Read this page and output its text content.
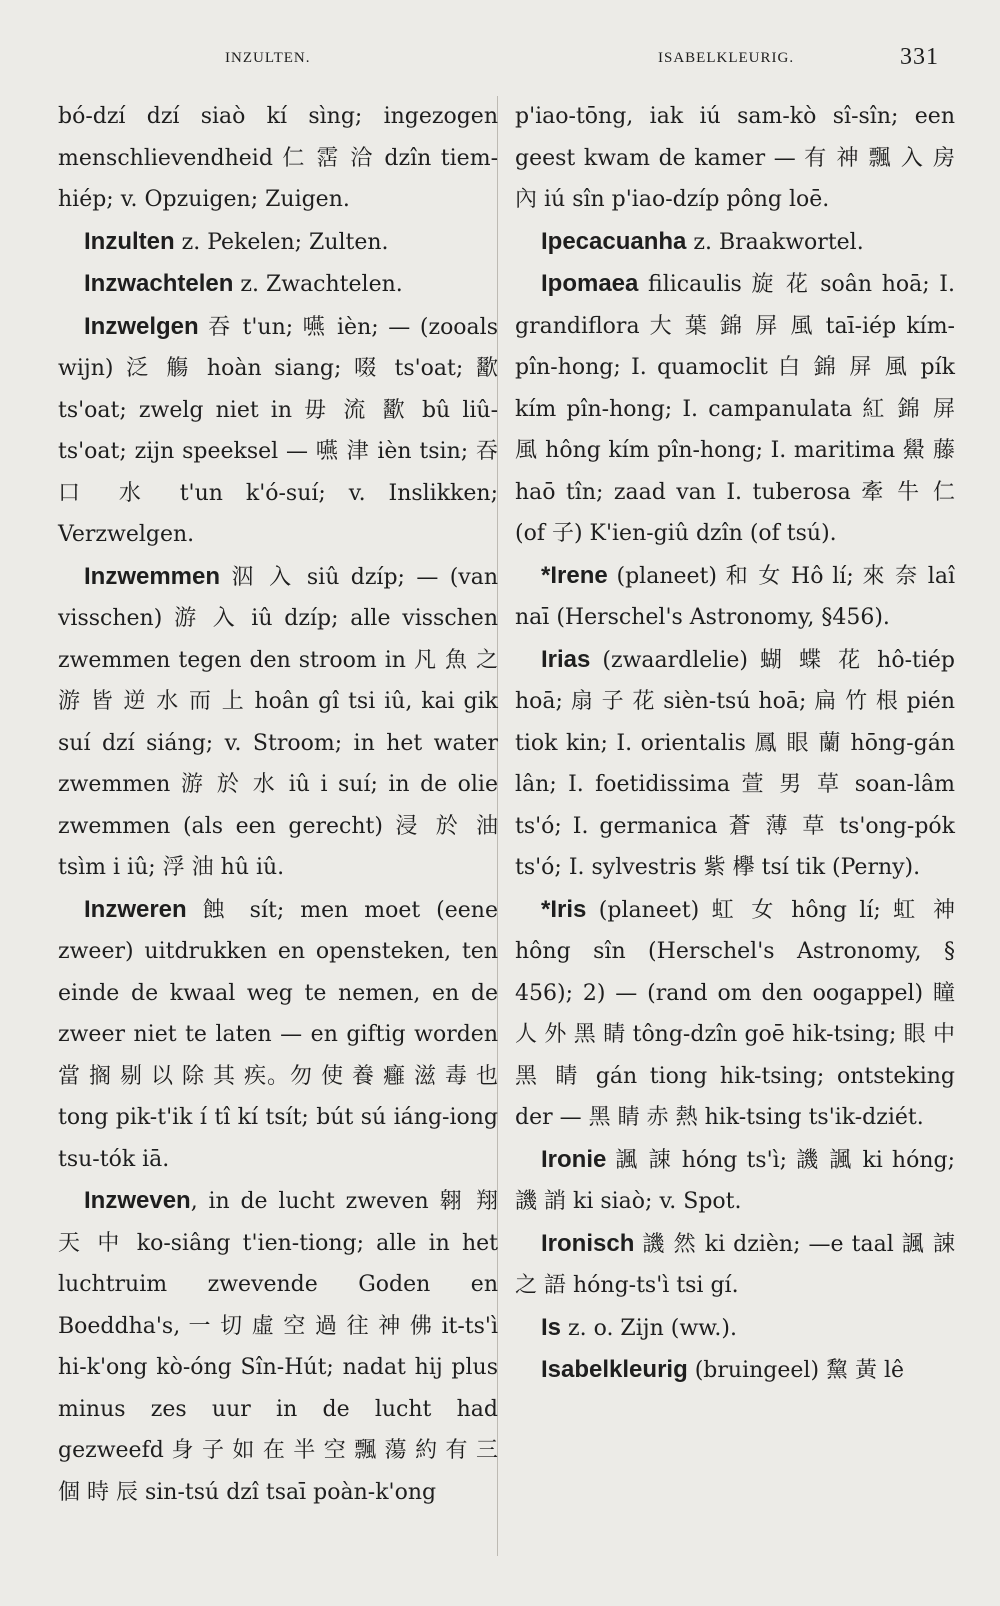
INZULTEN.	ISABELKLEURIG.	331
bó-dzí dzí siaò kí sìng; ingezogen menschlievendheid 仁 霑 洽 dzîn tiem-hiép; v. Opzuigen; Zuigen.
Inzulten z. Pekelen; Zulten.
Inzwachtelen z. Zwachtelen.
Inzwelgen 吞 t'un; 嚥 ièn; — (zooals wijn) 泛 觴 hoàn siang; 啜 ts'oat; 歠 ts'oat; zwelg niet in 毋 流 歠 bû liû-ts'oat; zijn speeksel — 嚥 津 ièn tsin; 吞 口 水 t'un k'ó-suí; v. Inslikken; Verzwelgen.
Inzwemmen 泅 入 siû dzíp; — (van visschen) 游 入 iû dzíp; alle visschen zwemmen tegen den stroom in 凡 魚 之 游 皆 逆 水 而 上 hoân gî tsi iû, kai gik suí dzí siáng; v. Stroom; in het water zwemmen 游 於 水 iû i suí; in de olie zwemmen (als een gerecht) 浸 於 油 tsìm i iû; 浮 油 hû iû.
Inzweren 蝕 sít; men moet (eene zweer) uitdrukken en opensteken, ten einde de kwaal weg te nemen, en de zweer niet te laten — en giftig worden 當 搁 剔 以 除 其 疾。勿 使 養 癰 滋 毒 也 tong pik-t'ik í tî kí tsít; bút sú iáng-iong tsu-tók iā.
Inzweven, in de lucht zweven 翱 翔 天 中 ko-siâng t'ien-tiong; alle in het luchtruim zwevende Goden en Boeddha's, 一 切 虛 空 過 往 神 佛 it-ts'ì hi-k'ong kò-óng Sîn-Hút; nadat hij plus minus zes uur in de lucht had gezweefd 身 子 如 在 半 空 飄 蕩 約 有 三 個 時 辰 sin-tsú dzî tsaī poàn-k'ong
p'iao-tōng, iak iú sam-kò sî-sîn; een geest kwam de kamer — 有 神 飄 入 房 內 iú sîn p'iao-dzíp pông loē.
Ipecacuanha z. Braakwortel.
Ipomaea filicaulis 旋 花 soân hoā; I. grandiflora 大 葉 錦 屏 風 taī-iép kím-pîn-hong; I. quamoclit 白 錦 屏 風 pík kím pîn-hong; I. campanulata 紅 錦 屏 風 hông kím pîn-hong; I. maritima 鱟 藤 haō tîn; zaad van I. tuberosa 牽 牛 仁 (of 子) K'ien-giû dzîn (of tsú).
*Irene (planeet) 和 女 Hô lí; 來 奈 laî naī (Herschel's Astronomy, §456).
Irias (zwaardlelie) 蝴 蝶 花 hô-tiép hoā; 扇 子 花 sièn-tsú hoā; 扁 竹 根 pién tiok kin; I. orientalis 鳳 眼 蘭 hōng-gán lân; I. foetidissima 萱 男 草 soan-lâm ts'ó; I. germanica 蒼 薄 草 ts'ong-pók ts'ó; I. sylvestris 紫 欅 tsí tik (Perny).
*Iris (planeet) 虹 女 hông lí; 虹 神 hông sîn (Herschel's Astronomy, § 456); 2) — (rand om den oogappel) 瞳 人 外 黑 睛 tông-dzîn goē hik-tsing; 眼 中 黑 睛 gán tiong hik-tsing; ontsteking der — 黑 睛 赤 熱 hik-tsing ts'ik-dziét.
Ironie 諷 誎 hóng ts'ì; 譏 諷 ki hóng; 譏 誚 ki siaò; v. Spot.
Ironisch 譏 然 ki dzièn; —e taal 諷 誎 之 語 hóng-ts'ì tsi gí.
Is z. o. Zijn (ww.).
Isabelkleurig (bruingeel) 黧 黃 lê
